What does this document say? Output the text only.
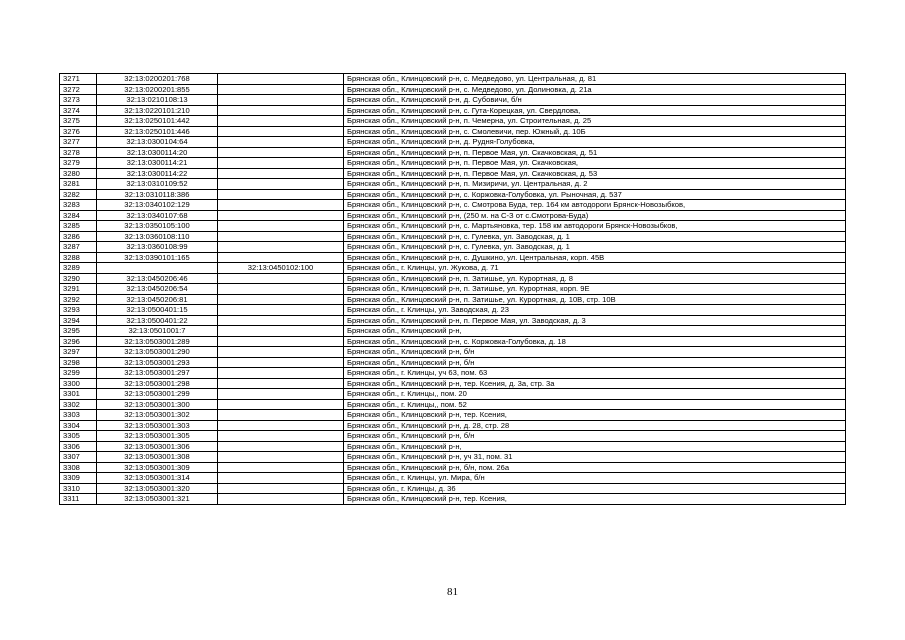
3271	32:13:0200201:768		Брянская обл., Клинцовский р-н, с. Медведово, ул. Центральная, д. 81
3272	32:13:0200201:855		Брянская обл., Клинцовский р-н, с. Медведово, ул. Долиновка, д. 21а
3273	32:13:0210108:13		Брянская обл., Клинцовский р-н, д. Субовичи, б/н
3274	32:13:0220101:210		Брянская обл., Клинцовский р-н, с. Гута-Корецкая, ул. Свердлова,
3275	32:13:0250101:442		Брянская обл., Клинцовский р-н, п. Чемерна, ул. Строительная, д. 25
3276	32:13:0250101:446		Брянская обл., Клинцовский р-н, с. Смолевичи, пер. Южный, д. 10Б
3277	32:13:0300104:64		Брянская обл., Клинцовский р-н, д. Рудня-Голубовка,
3278	32:13:0300114:20		Брянская обл., Клинцовский р-н, п. Первое Мая, ул. Скачковская, д. 51
3279	32:13:0300114:21		Брянская обл., Клинцовский р-н, п. Первое Мая, ул. Скачковская,
3280	32:13:0300114:22		Брянская обл., Клинцовский р-н, п. Первое Мая, ул. Скачковская, д. 53
3281	32:13:0310109:52		Брянская обл., Клинцовский р-н, п. Мизиричи, ул. Центральная, д. 2
3282	32:13:0310118:386		Брянская обл., Клинцовский р-н, с. Коржовка-Голубовка, ул. Рыночная, д. 537
3283	32:13:0340102:129		Брянская обл., Клинцовский р-н, с. Смотрова Буда, тер. 164 км автодороги Брянск-Новозыбков,
3284	32:13:0340107:68		Брянская обл., Клинцовский р-н, (250 м. на С-З от с.Смотрова-Буда)
3285	32:13:0350105:100		Брянская обл., Клинцовский р-н, с. Мартьяновка, тер. 158 км автодороги Брянск-Новозыбков,
3286	32:13:0360108:110		Брянская обл., Клинцовский р-н, с. Гулевка, ул. Заводская, д. 1
3287	32:13:0360108:99		Брянская обл., Клинцовский р-н, с. Гулевка, ул. Заводская, д. 1
3288	32:13:0390101:165		Брянская обл., Клинцовский р-н, с. Душкино, ул. Центральная, корп. 45В
3289		32:13:0450102:100	Брянская обл., г. Клинцы, ул. Жукова, д. 71
3290	32:13:0450206:46		Брянская обл., Клинцовский р-н, п. Затишье, ул. Курортная, д. 8
3291	32:13:0450206:54		Брянская обл., Клинцовский р-н, п. Затишье, ул. Курортная, корп. 9Е
3292	32:13:0450206:81		Брянская обл., Клинцовский р-н, п. Затишье, ул. Курортная, д. 10В, стр. 10В
3293	32:13:0500401:15		Брянская обл., г. Клинцы, ул. Заводская, д. 23
3294	32:13:0500401:22		Брянская обл., Клинцовский р-н, п. Первое Мая, ул. Заводская, д. 3
3295	32:13:0501001:7		Брянская обл., Клинцовский р-н,
3296	32:13:0503001:289		Брянская обл., Клинцовский р-н, с. Коржовка-Голубовка, д. 18
3297	32:13:0503001:290		Брянская обл., Клинцовский р-н, б/н
3298	32:13:0503001:293		Брянская обл., Клинцовский р-н, б/н
3299	32:13:0503001:297		Брянская обл., г. Клинцы, уч 63, пом. 63
3300	32:13:0503001:298		Брянская обл., Клинцовский р-н, тер. Ксения, д. 3а, стр. 3а
3301	32:13:0503001:299		Брянская обл., г. Клинцы,, пом. 20
3302	32:13:0503001:300		Брянская обл., г. Клинцы,, пом. 52
3303	32:13:0503001:302		Брянская обл., Клинцовский р-н, тер. Ксения,
3304	32:13:0503001:303		Брянская обл., Клинцовский р-н, д. 28, стр. 28
3305	32:13:0503001:305		Брянская обл., Клинцовский р-н, б/н
3306	32:13:0503001:306		Брянская обл., Клинцовский р-н,
3307	32:13:0503001:308		Брянская обл., Клинцовский р-н, уч 31, пом. 31
3308	32:13:0503001:309		Брянская обл., Клинцовский р-н, б/н, пом. 26а
3309	32:13:0503001:314		Брянская обл., г. Клинцы, ул. Мира, б/н
3310	32:13:0503001:320		Брянская обл., г. Клинцы, д. 36
3311	32:13:0503001:321		Брянская обл., Клинцовский р-н, тер. Ксения,
81
